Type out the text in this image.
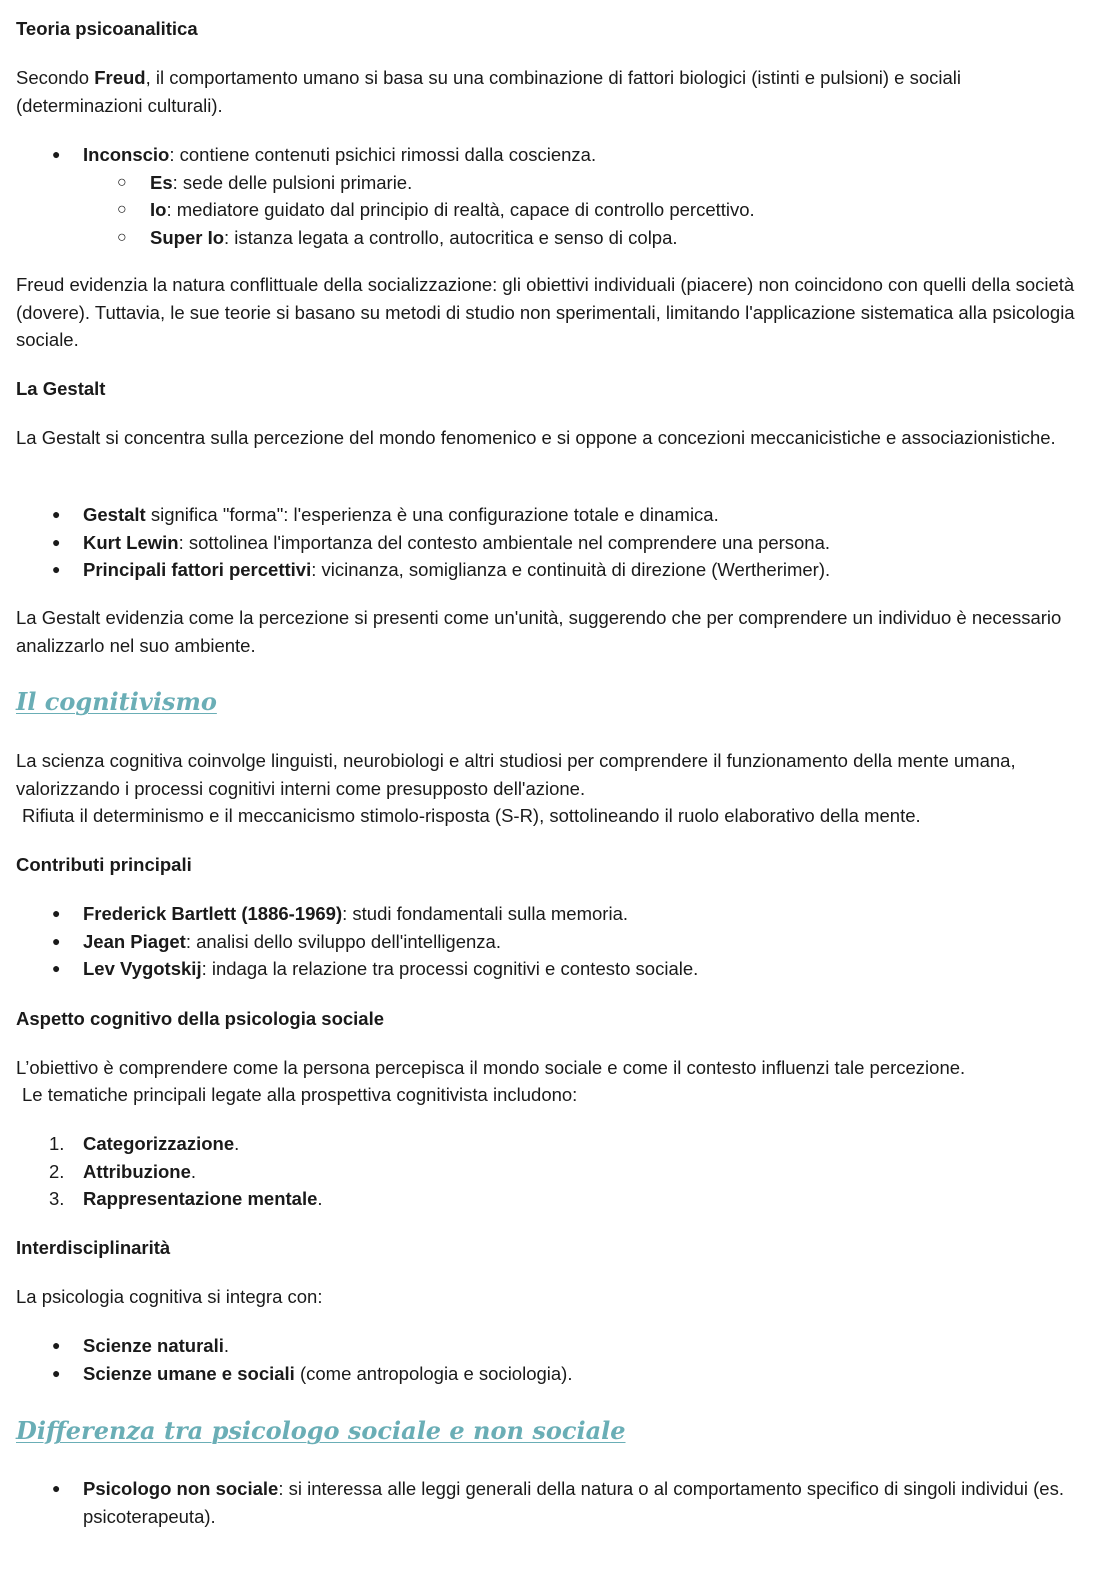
Teoria psicoanalitica

Secondo Freud, il comportamento umano si basa su una combinazione di fattori biologici (istinti e pulsioni) e sociali (determinazioni culturali).

● Inconscio: contiene contenuti psichici rimossi dalla coscienza.
○ Es: sede delle pulsioni primarie.
○ Io: mediatore guidato dal principio di realtà, capace di controllo percettivo.
○ Super Io: istanza legata a controllo, autocritica e senso di colpa.

Freud evidenzia la natura conflittuale della socializzazione: gli obiettivi individuali (piacere) non coincidono con quelli della società (dovere). Tuttavia, le sue teorie si basano su metodi di studio non sperimentali, limitando l'applicazione sistematica alla psicologia sociale.

La Gestalt

La Gestalt si concentra sulla percezione del mondo fenomenico e si oppone a concezioni meccanicistiche e associazionistiche.

● Gestalt significa "forma": l'esperienza è una configurazione totale e dinamica.
● Kurt Lewin: sottolinea l'importanza del contesto ambientale nel comprendere una persona.
● Principali fattori percettivi: vicinanza, somiglianza e continuità di direzione (Wertherimer).

La Gestalt evidenzia come la percezione si presenti come un'unità, suggerendo che per comprendere un individuo è necessario analizzarlo nel suo ambiente.

Il cognitivismo

La scienza cognitiva coinvolge linguisti, neurobiologi e altri studiosi per comprendere il funzionamento della mente umana, valorizzando i processi cognitivi interni come presupposto dell'azione.

Rifiuta il determinismo e il meccanicismo stimolo-risposta (S-R), sottolineando il ruolo elaborativo della mente.

Contributi principali
● Frederick Bartlett (1886-1969): studi fondamentali sulla memoria.
● Jean Piaget: analisi dello sviluppo dell'intelligenza.
● Lev Vygotskij: indaga la relazione tra processi cognitivi e contesto sociale.
Aspetto cognitivo della psicologia sociale

L’obiettivo è comprendere come la persona percepisca il mondo sociale e come il contesto influenzi tale percezione.

Le tematiche principali legate alla prospettiva cognitivista includono:

1. Categorizzazione.
2. Attribuzione.
3. Rappresentazione mentale.
Interdisciplinarità

La psicologia cognitiva si integra con:

● Scienze naturali.
● Scienze umane e sociali (come antropologia e sociologia).
Differenza tra psicologo sociale e non sociale
● Psicologo non sociale: si interessa alle leggi generali della natura o al comportamento specifico di singoli individui (es. psicoterapeuta).
